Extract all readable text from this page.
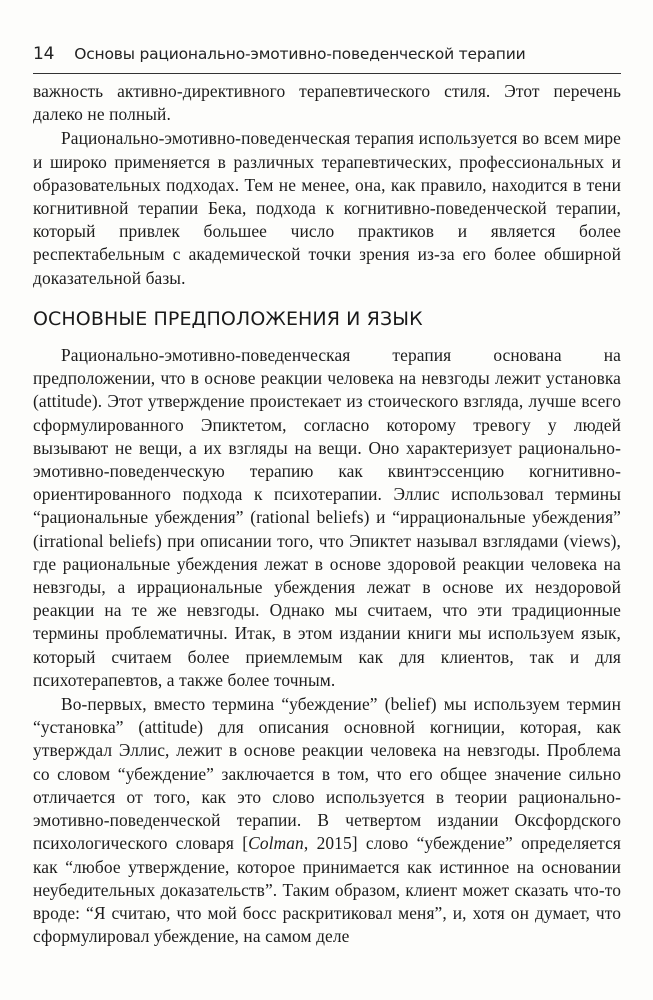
14 Основы рационально-эмотивно-поведенческой терапии

важность активно-директивного терапевтического стиля. Этот перечень далеко не полный.

Рационально-эмотивно-поведенческая терапия используется во всем мире и широко применяется в различных терапевтических, профессиональных и образовательных подходах. Тем не менее, она, как правило, находится в тени когнитивной терапии Бека, подхода к когнитивно-поведенческой терапии, который привлек большее число практиков и является более респектабельным с академической точки зрения из-за его более обширной доказательной базы.

ОСНОВНЫЕ ПРЕДПОЛОЖЕНИЯ И ЯЗЫК

Рационально-эмотивно-поведенческая терапия основана на предположении, что в основе реакции человека на невзгоды лежит установка (attitude). Этот утверждение проистекает из стоического взгляда, лучше всего сформулированного Эпиктетом, согласно которому тревогу у людей вызывают не вещи, а их взгляды на вещи. Оно характеризует рационально-эмотивно-поведенческую терапию как квинтэссенцию когнитивно-ориентированного подхода к психотерапии. Эллис использовал термины “рациональные убеждения” (rational beliefs) и “иррациональные убеждения” (irrational beliefs) при описании того, что Эпиктет называл взглядами (views), где рациональные убеждения лежат в основе здоровой реакции человека на невзгоды, а иррациональные убеждения лежат в основе их нездоровой реакции на те же невзгоды. Однако мы считаем, что эти традиционные термины проблематичны. Итак, в этом издании книги мы используем язык, который считаем более приемлемым как для клиентов, так и для психотерапевтов, а также более точным.

Во-первых, вместо термина “убеждение” (belief) мы используем термин “установка” (attitude) для описания основной когниции, которая, как утверждал Эллис, лежит в основе реакции человека на невзгоды. Проблема со словом “убеждение” заключается в том, что его общее значение сильно отличается от того, как это слово используется в теории рационально-эмотивно-поведенческой терапии. В четвертом издании Оксфордского психологического словаря [Colman, 2015] слово “убеждение” определяется как “любое утверждение, которое принимается как истинное на основании неубедительных доказательств”. Таким образом, клиент может сказать что-то вроде: “Я считаю, что мой босс раскритиковал меня”, и, хотя он думает, что сформулировал убеждение, на самом деле
